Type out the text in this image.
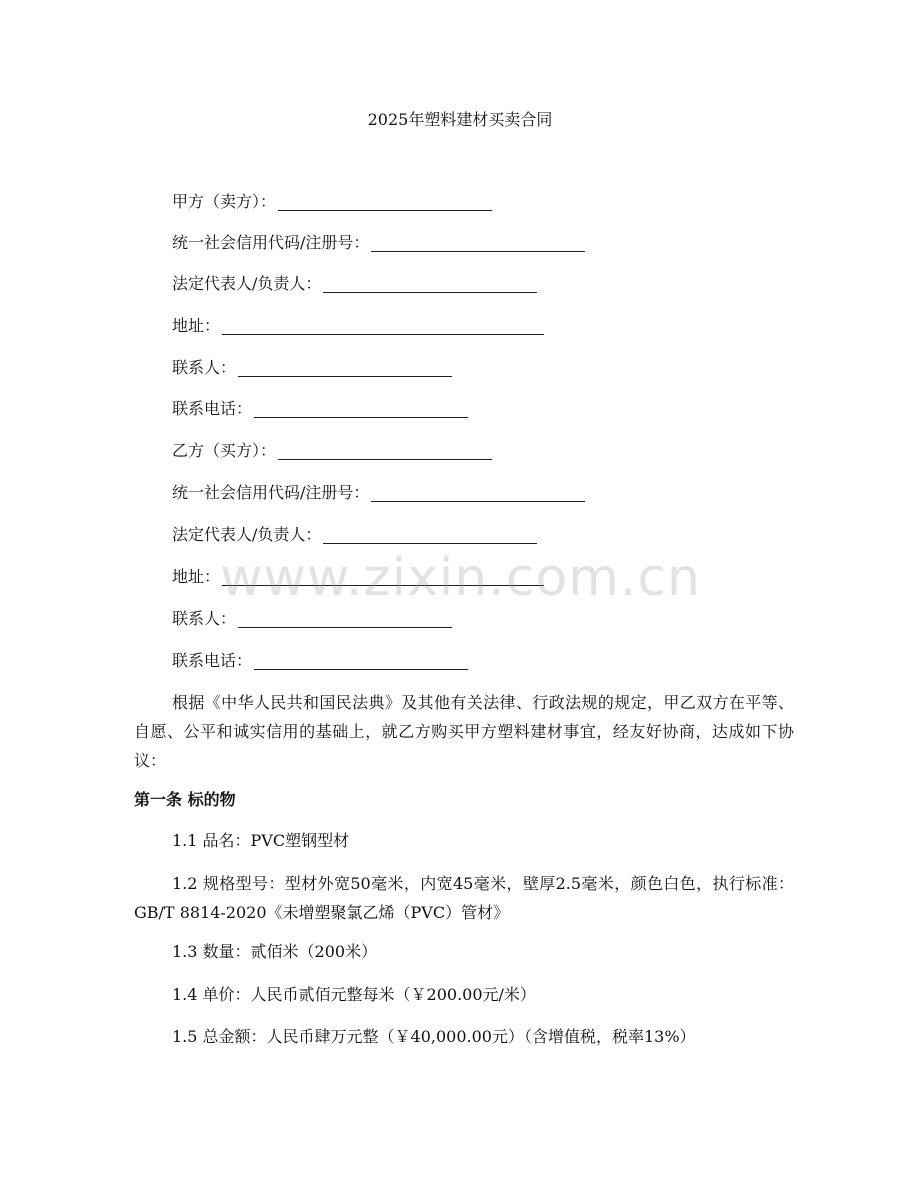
2025年塑料建材买卖合同
甲方（卖方）：
统一社会信用代码/注册号：
法定代表人/负责人：
地址：
联系人：
联系电话：
乙方（买方）：
统一社会信用代码/注册号：
法定代表人/负责人：
地址：
联系人：
联系电话：
根据《中华人民共和国民法典》及其他有关法律、行政法规的规定，甲乙双方在平等、自愿、公平和诚实信用的基础上，就乙方购买甲方塑料建材事宜，经友好协商，达成如下协议：
第一条 标的物
1.1 品名：PVC塑钢型材
1.2 规格型号：型材外宽50毫米，内宽45毫米，壁厚2.5毫米，颜色白色，执行标准：GB/T 8814-2020《未增塑聚氯乙烯（PVC）管材》
1.3 数量：贰佰米（200米）
1.4 单价：人民币贰佰元整每米（￥200.00元/米）
1.5 总金额：人民币肆万元整（￥40,000.00元）（含增值税，税率13%）
www.zixin.com.cn
